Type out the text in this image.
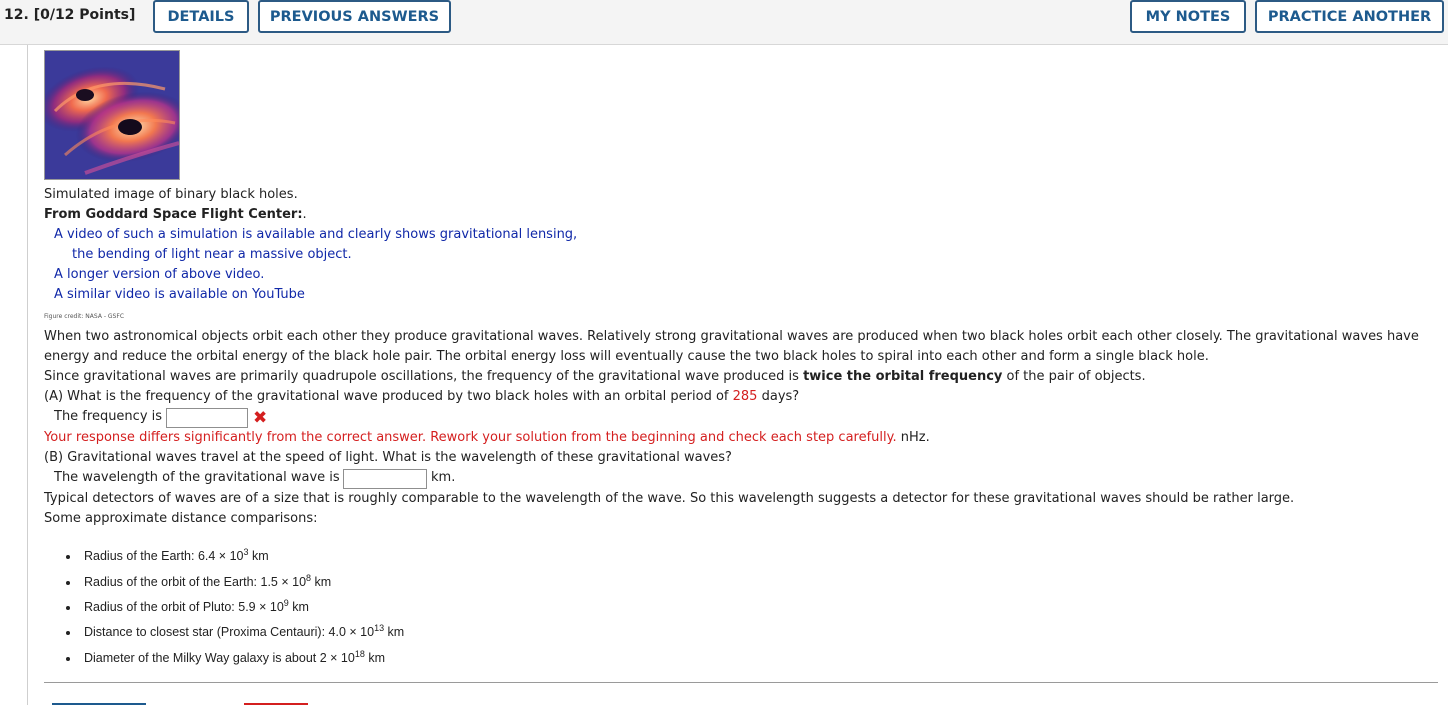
12. [0/12 Points]	DETAILS	PREVIOUS ANSWERS	MY NOTES	PRACTICE ANOTHER
Simulated image of binary black holes.
From Goddard Space Flight Center:.
A video of such a simulation is available and clearly shows gravitational lensing,
the bending of light near a massive object.
A longer version of above video.
A similar video is available on YouTube
Figure credit: NASA - GSFC
When two astronomical objects orbit each other they produce gravitational waves. Relatively strong gravitational waves are produced when two black holes orbit each other closely. The gravitational waves have
energy and reduce the orbital energy of the black hole pair. The orbital energy loss will eventually cause the two black holes to spiral into each other and form a single black hole.
Since gravitational waves are primarily quadrupole oscillations, the frequency of the gravitational wave produced is twice the orbital frequency of the pair of objects.
(A) What is the frequency of the gravitational wave produced by two black holes with an orbital period of 285 days?
The frequency is	✖
Your response differs significantly from the correct answer. Rework your solution from the beginning and check each step carefully. nHz.
(B) Gravitational waves travel at the speed of light. What is the wavelength of these gravitational waves?
The wavelength of the gravitational wave is	km.
Typical detectors of waves are of a size that is roughly comparable to the wavelength of the wave. So this wavelength suggests a detector for these gravitational waves should be rather large.
Some approximate distance comparisons:
Radius of the Earth: $6.4 \times 10^3$ km
Radius of the orbit of the Earth: $1.5 \times 10^8$ km
Radius of the orbit of Pluto: $5.9 \times 10^9$ km
Distance to closest star (Proxima Centauri): $4.0 \times 10^{13}$ km
Diameter of the Milky Way galaxy is about $2 \times 10^{18}$ km
